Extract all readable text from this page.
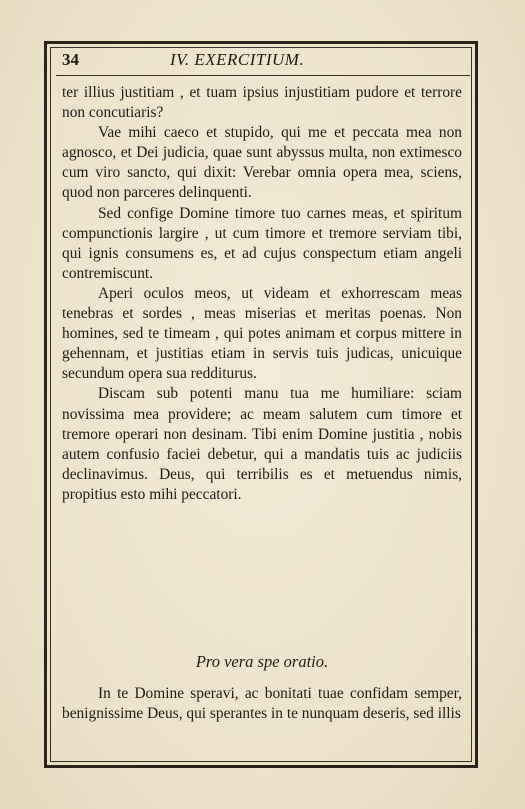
34	IV. EXERCITIUM.

ter illius justitiam , et tuam ipsius injustitiam pudore et terrore non concutiaris?

Vae mihi caeco et stupido, qui me et peccata mea non agnosco, et Dei judicia, quae sunt abyssus multa, non extimesco cum viro sancto, qui dixit: Verebar omnia opera mea, sciens, quod non parceres delinquenti.

Sed confige Domine timore tuo carnes meas, et spiritum compunctionis largire , ut cum timore et tremore serviam tibi, qui ignis consumens es, et ad cujus conspectum etiam angeli contremiscunt.

Aperi oculos meos, ut videam et exhorrescam meas tenebras et sordes , meas miserias et meritas poenas. Non homines, sed te timeam , qui potes animam et corpus mittere in gehennam, et justitias etiam in servis tuis judicas, unicuique secundum opera sua redditurus.

Discam sub potenti manu tua me humiliare: sciam novissima mea providere; ac meam salutem cum timore et tremore operari non desinam. Tibi enim Domine justitia , nobis autem confusio faciei debetur, qui a mandatis tuis ac judiciis declinavimus. Deus, qui terribilis es et metuendus nimis, propitius esto mihi peccatori.

Pro vera spe oratio.

In te Domine speravi, ac bonitati tuae confidam semper, benignissime Deus, qui sperantes in te nunquam deseris, sed illis
